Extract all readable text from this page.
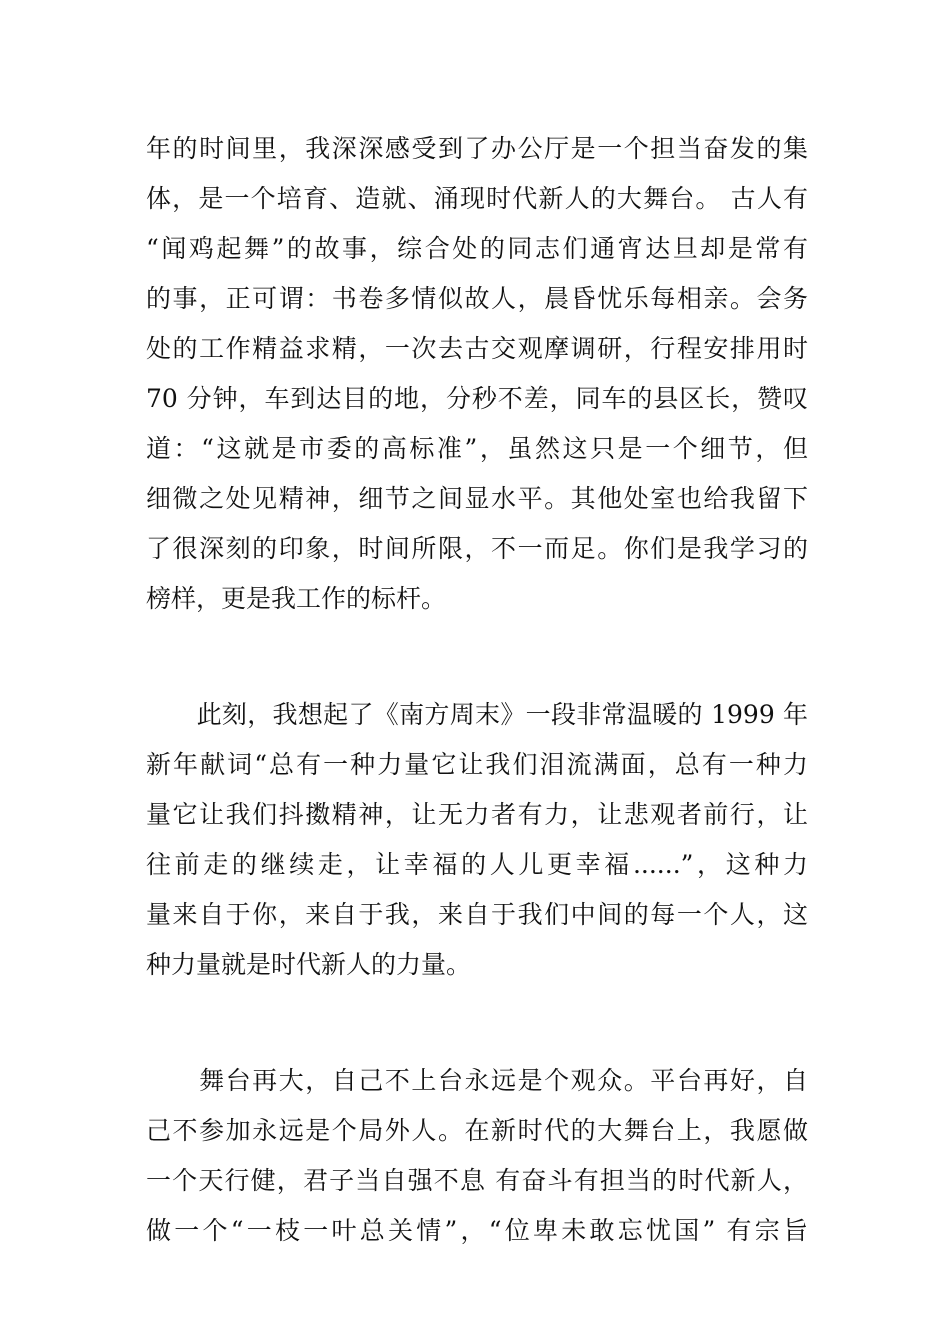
年的时间里，我深深感受到了办公厅是一个担当奋发的集
体，是一个培育、造就、涌现时代新人的大舞台。 古人有
“闻鸡起舞”的故事，综合处的同志们通宵达旦却是常有
的事，正可谓：书卷多情似故人，晨昏忧乐每相亲。会务
处的工作精益求精，一次去古交观摩调研，行程安排用时
70 分钟，车到达目的地，分秒不差，同车的县区长，赞叹
道：“这就是市委的高标准”，虽然这只是一个细节，但
细微之处见精神，细节之间显水平。其他处室也给我留下
了很深刻的印象，时间所限，不一而足。你们是我学习的
榜样，更是我工作的标杆。
　　此刻，我想起了《南方周末》一段非常温暖的 1999 年
新年献词“总有一种力量它让我们泪流满面，总有一种力
量它让我们抖擞精神，让无力者有力，让悲观者前行，让
往前走的继续走，让幸福的人儿更幸福......”，这种力
量来自于你，来自于我，来自于我们中间的每一个人，这
种力量就是时代新人的力量。
　　舞台再大，自己不上台永远是个观众。平台再好，自
己不参加永远是个局外人。在新时代的大舞台上，我愿做
一个天行健，君子当自强不息 有奋斗有担当的时代新人，
做一个“一枝一叶总关情”，“位卑未敢忘忧国” 有宗旨
